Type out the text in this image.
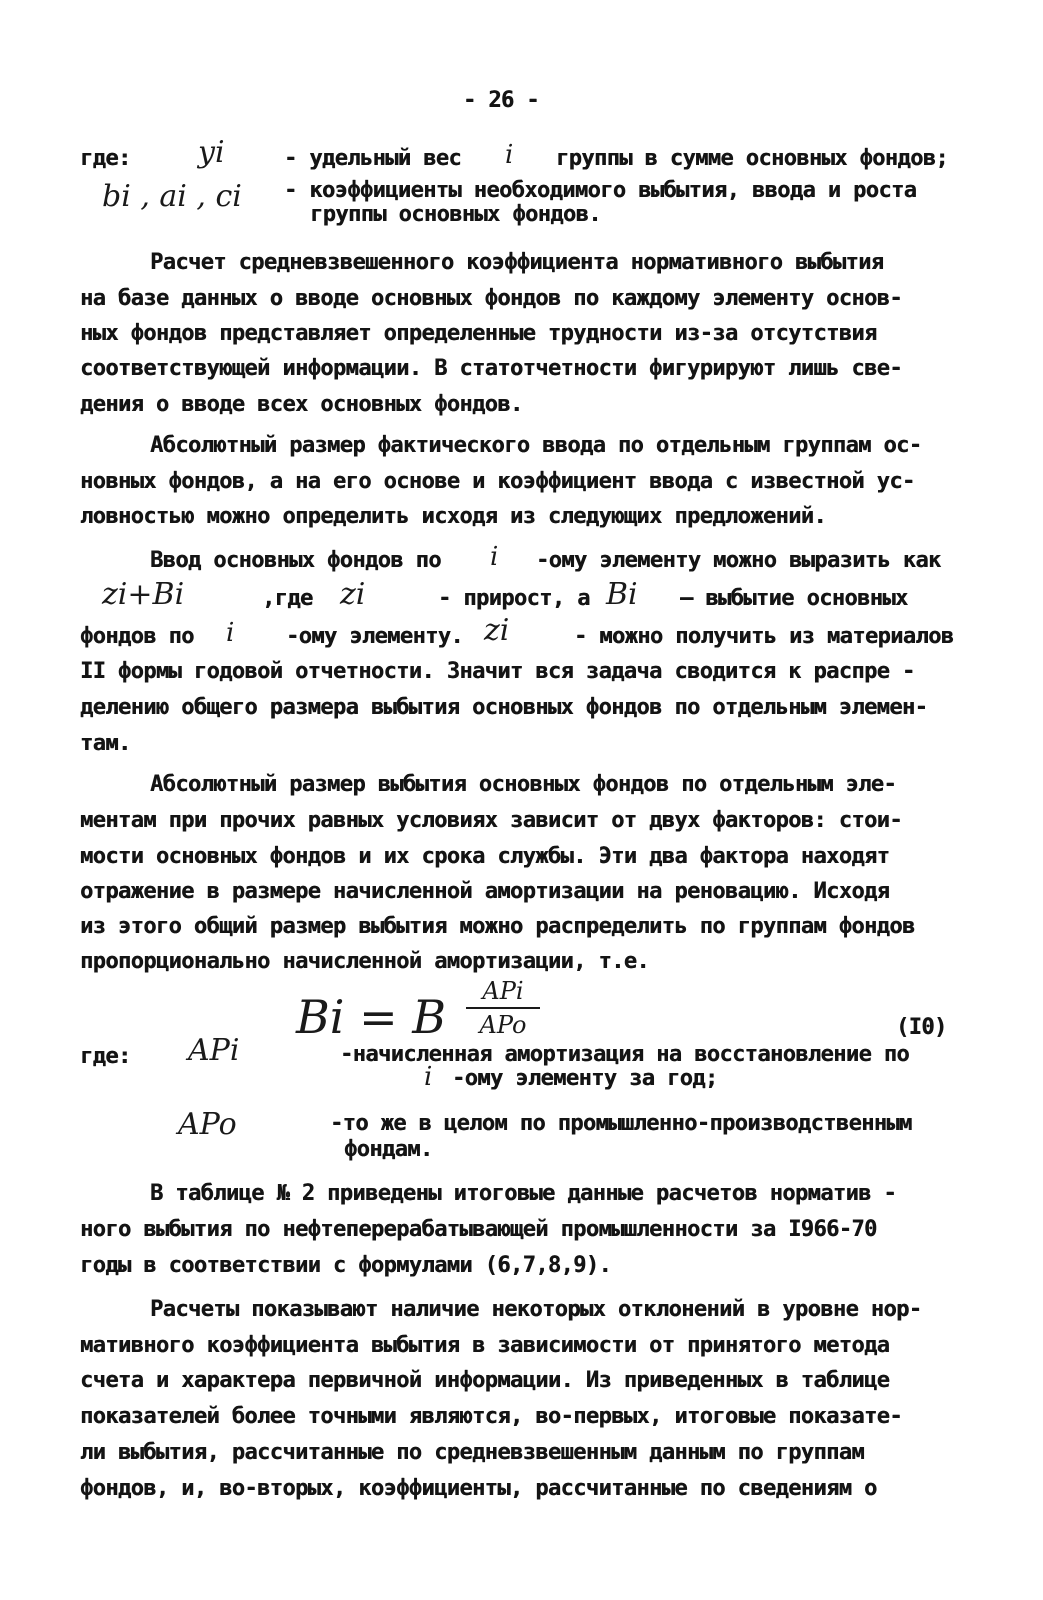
- 26 -
где: yi	- удельный вес i группы в сумме основных фондов;
bi , ai , ci - коэффициенты необходимого выбытия, ввода и роста
группы основных фондов.
Расчет средневзвешенного коэффициента нормативного выбытия
на базе данных о вводе основных фондов по каждому элементу основ-
ных фондов представляет определенные трудности из-за отсутствия
соответствующей информации. В статотчетности фигурируют лишь све-
дения о вводе всех основных фондов.
Абсолютный размер фактического ввода по отдельным группам ос-
новных фондов, а на его основе и коэффициент ввода с известной ус-
ловностью можно определить исходя из следующих предложений.
Ввод основных фондов по i -ому элементу можно выразить как
zi+Bi	,где zi	- прирост, а Bi — выбытие основных
фондов по i -ому элементу. zi	- можно получить из материалов
II формы годовой отчетности. Значит вся задача сводится к распре -
делению общего размера выбытия основных фондов по отдельным элемен-
там.
Абсолютный размер выбытия основных фондов по отдельным эле-
ментам при прочих равных условиях зависит от двух факторов: стои-
мости основных фондов и их срока службы. Эти два фактора находят
отражение в размере начисленной амортизации на реновацию. Исходя
из этого общий размер выбытия можно распределить по группам фондов
пропорционально начисленной амортизации, т.е.
Bi = B	APi
APo	(I0)
где: APi	-начисленная амортизация на восстановление по
i -ому элементу за год;
APo	-то же в целом по промышленно-производственным
фондам.
В таблице № 2 приведены итоговые данные расчетов норматив -
ного выбытия по нефтеперерабатывающей промышленности за I966-70
годы в соответствии с формулами (6,7,8,9).
Расчеты показывают наличие некоторых отклонений в уровне нор-
мативного коэффициента выбытия в зависимости от принятого метода
счета и характера первичной информации. Из приведенных в таблице
показателей более точными являются, во-первых, итоговые показате-
ли выбытия, рассчитанные по средневзвешенным данным по группам
фондов, и, во-вторых, коэффициенты, рассчитанные по сведениям о
